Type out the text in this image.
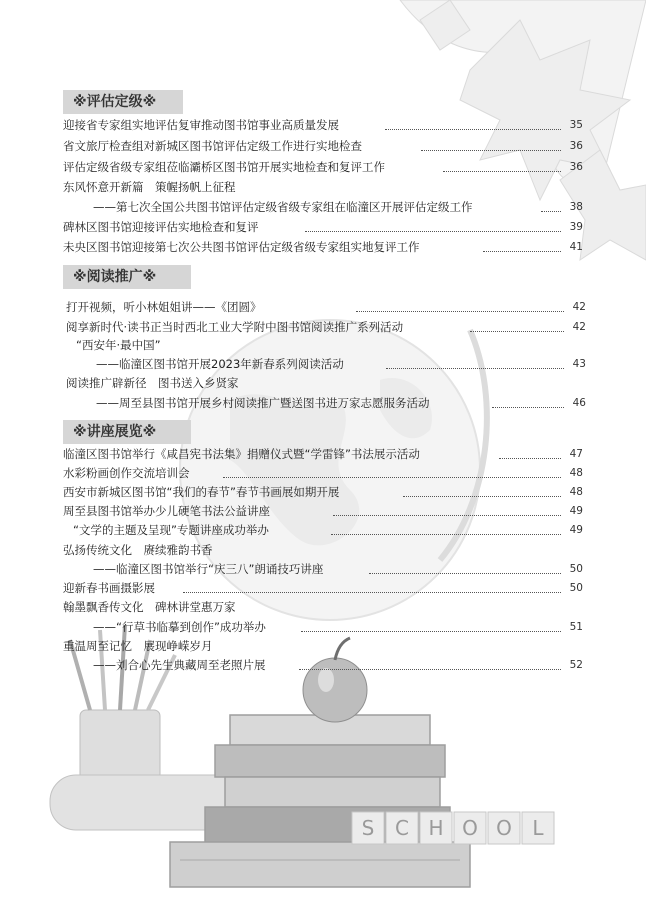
S C H O O L
※评估定级※
迎接省专家组实地评估复审推动图书馆事业高质量发展	35
省文旅厅检查组对新城区图书馆评估定级工作进行实地检查	36
评估定级省级专家组莅临灞桥区图书馆开展实地检查和复评工作	36
东风怀意开新篇　策幄扬帆上征程
——第七次全国公共图书馆评估定级省级专家组在临潼区开展评估定级工作	38
碑林区图书馆迎接评估实地检查和复评	39
未央区图书馆迎接第七次公共图书馆评估定级省级专家组实地复评工作	41
※阅读推广※
打开视频，听小林姐姐讲——《团圆》	42
阅享新时代·读书正当时西北工业大学附中图书馆阅读推广系列活动	42
“西安年·最中国”
——临潼区图书馆开展2023年新春系列阅读活动	43
阅读推广辟新径　图书送入乡贤家
——周至县图书馆开展乡村阅读推广暨送图书进万家志愿服务活动	46
※讲座展览※
临潼区图书馆举行《咸昌宪书法集》捐赠仪式暨“学雷锋”书法展示活动	47
水彩粉画创作交流培训会	48
西安市新城区图书馆“我们的春节”春节书画展如期开展	48
周至县图书馆举办少儿硬笔书法公益讲座	49
“文学的主题及呈现”专题讲座成功举办	49
弘扬传统文化　赓续雅韵书香
——临潼区图书馆举行“庆三八”朗诵技巧讲座	50
迎新春书画摄影展	50
翰墨飘香传文化　碑林讲堂惠万家
——“行草书临摹到创作”成功举办	51
重温周至记忆　展现峥嵘岁月
——刘合心先生典藏周至老照片展	52
